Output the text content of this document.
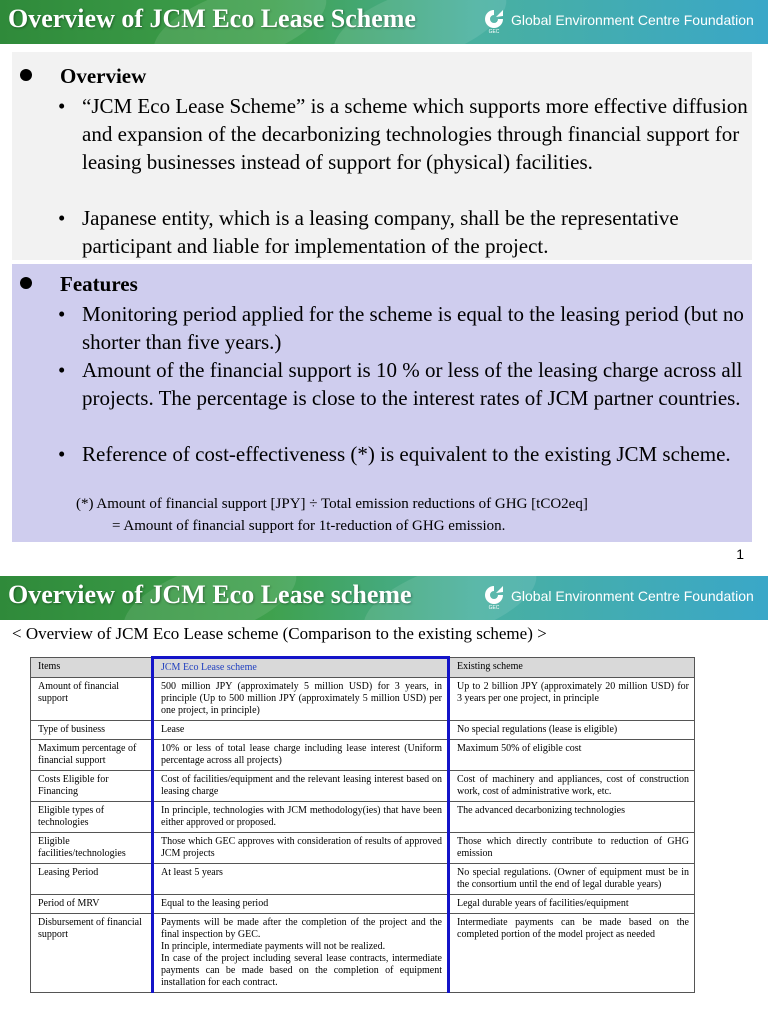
Overview of JCM Eco Lease Scheme	GEC
Global Environment Centre Foundation
Overview
• “JCM Eco Lease Scheme” is a scheme which supports more effective diffusion and expansion of the decarbonizing technologies through financial support for leasing businesses instead of support for (physical) facilities.
• Japanese entity, which is a leasing company, shall be the representative participant and liable for implementation of the project.
Features
• Monitoring period applied for the scheme is equal to the leasing period (but no shorter than five years.)
• Amount of the financial support is 10 % or less of the leasing charge across all projects. The percentage is close to the interest rates of JCM partner countries.
• Reference of cost-effectiveness (*) is equivalent to the existing JCM scheme.
(*) Amount of financial support [JPY] ÷ Total emission reductions of GHG [tCO2eq]
= Amount of financial support for 1t-reduction of GHG emission.
1
Overview of JCM Eco Lease scheme	GEC
Global Environment Centre Foundation
< Overview of JCM Eco Lease scheme (Comparison to the existing scheme) >
Items	JCM Eco Lease scheme	Existing scheme
Amount of financial support	500 million JPY (approximately 5 million USD) for 3 years, in principle (Up to 500 million JPY (approximately 5 million USD) per one project, in principle)	Up to 2 billion JPY (approximately 20 million USD) for 3 years per one project, in principle
Type of business	Lease	No special regulations (lease is eligible)
Maximum percentage of financial support	10% or less of total lease charge including lease interest (Uniform percentage across all projects)	Maximum 50% of eligible cost
Costs Eligible for Financing	Cost of facilities/equipment and the relevant leasing interest based on leasing charge	Cost of machinery and appliances, cost of construction work, cost of administrative work, etc.
Eligible types of technologies	In principle, technologies with JCM methodology(ies) that have been either approved or proposed.	The advanced decarbonizing technologies
Eligible facilities/technologies	Those which GEC approves with consideration of results of approved JCM projects	Those which directly contribute to reduction of GHG emission
Leasing Period	At least 5 years	No special regulations. (Owner of equipment must be in the consortium until the end of legal durable years)
Period of MRV	Equal to the leasing period	Legal durable years of facilities/equipment
Disbursement of financial support	Payments will be made after the completion of the project and the final inspection by GEC.
In principle, intermediate payments will not be realized.
In case of the project including several lease contracts, intermediate payments can be made based on the completion of equipment installation for each contract.	Intermediate payments can be made based on the completed portion of the model project as needed
